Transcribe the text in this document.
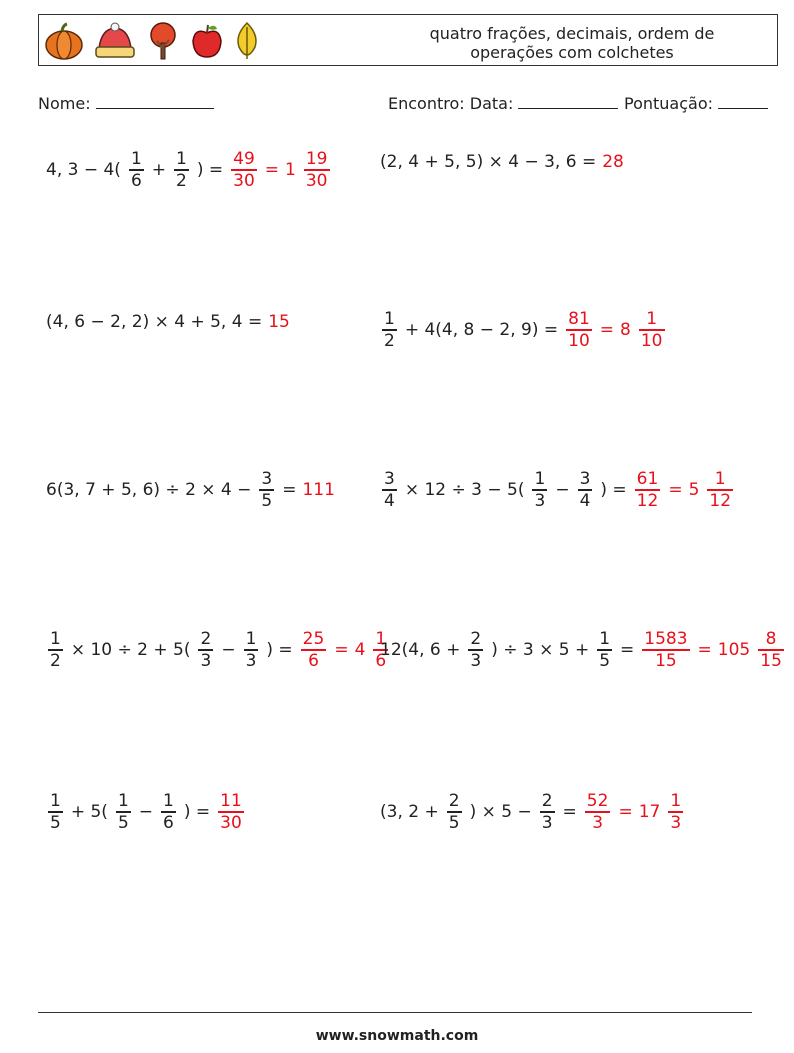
quatro frações, decimais, ordem de
operações com colchetes
Nome:	Encontro: Data:	Pontuação:
4, $3 - 4( \frac{1}{6} + \frac{1}{2}$ ) = $\frac{49}{30} = 1 \frac{19}{30}$	(2, 4 + 5, 5) × 4 − 3, 6 = 28
(4, 6 − 2, 2) × 4 + 5, 4 = 15	$\frac{1}{2} + 4(4$, 8 − 2, $9) = \frac{81}{10} = 8 \frac{1}{10}$
6(3, 7 + 5, $6) \div 2 \times 4 - \frac{3}{5} = 111$	$\frac{3}{4} \times 12 \div 3 - 5( \frac{1}{3} - \frac{3}{4}$ ) = $\frac{61}{12} = 5 \frac{1}{12}$
$\frac{1}{2} \times 10 \div 2 + 5( \frac{2}{3} - \frac{1}{3}$ ) = $\frac{25}{6} = 4 \frac{1}{6}$
12(4, $6 + \frac{2}{3}$ ) ÷ $3 \times 5 + \frac{1}{5} = \frac{1583}{15} = 105 \frac{8}{15}$
$\frac{1}{5} + 5( \frac{1}{5} - \frac{1}{6}$ ) = $\frac{11}{30}$	(3, $2 + \frac{2}{5}$ ) × $5 - \frac{2}{3} = \frac{52}{3} = 17 \frac{1}{3}$
www.snowmath.com
